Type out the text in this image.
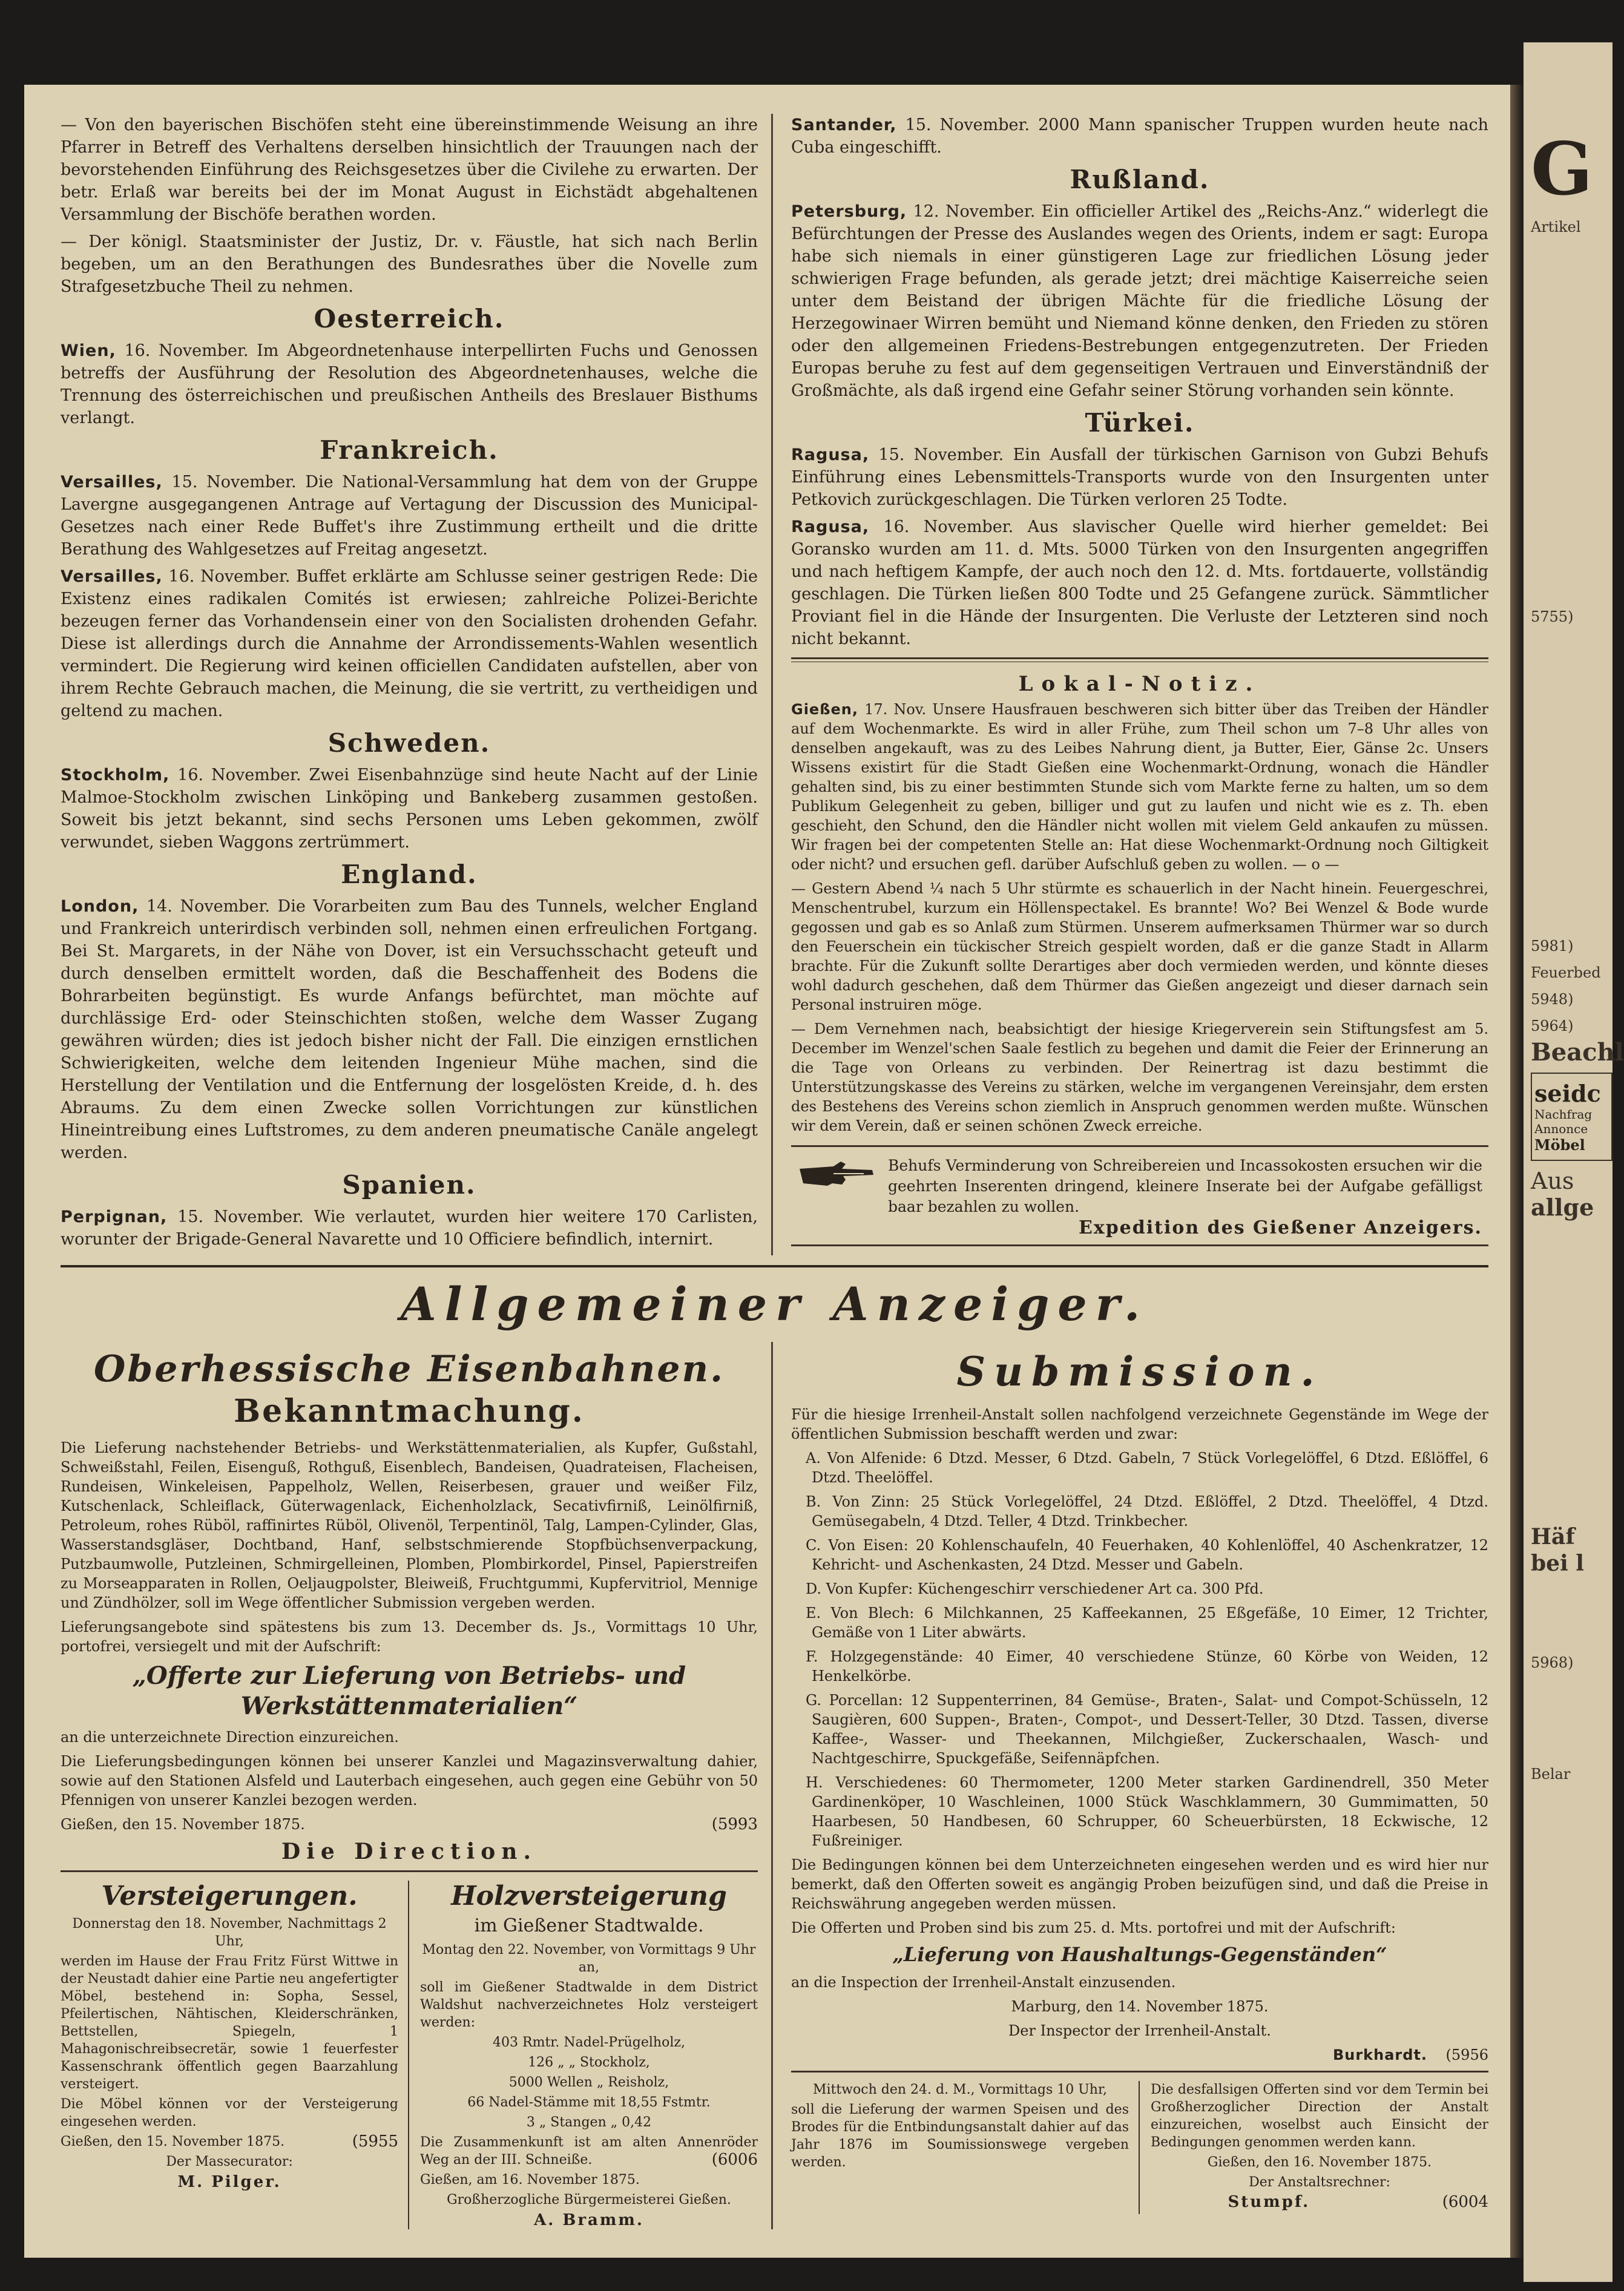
— Von den bayerischen Bischöfen steht eine übereinstimmende Weisung an ihre Pfarrer in Betreff des Verhaltens derselben hinsichtlich der Trauungen nach der bevorstehenden Einführung des Reichsgesetzes über die Civilehe zu erwarten. Der betr. Erlaß war bereits bei der im Monat August in Eichstädt abgehaltenen Versammlung der Bischöfe berathen worden.

— Der königl. Staatsminister der Justiz, Dr. v. Fäustle, hat sich nach Berlin begeben, um an den Berathungen des Bundesrathes über die Novelle zum Strafgesetzbuche Theil zu nehmen.

Oesterreich.

Wien, 16. November. Im Abgeordnetenhause interpellirten Fuchs und Genossen betreffs der Ausführung der Resolution des Abgeordnetenhauses, welche die Trennung des österreichischen und preußischen Antheils des Breslauer Bisthums verlangt.

Frankreich.

Versailles, 15. November. Die National-Versammlung hat dem von der Gruppe Lavergne ausgegangenen Antrage auf Vertagung der Discussion des Municipal-Gesetzes nach einer Rede Buffet's ihre Zustimmung ertheilt und die dritte Berathung des Wahlgesetzes auf Freitag angesetzt.

Versailles, 16. November. Buffet erklärte am Schlusse seiner gestrigen Rede: Die Existenz eines radikalen Comités ist erwiesen; zahlreiche Polizei-Berichte bezeugen ferner das Vorhandensein einer von den Socialisten drohenden Gefahr. Diese ist allerdings durch die Annahme der Arrondissements-Wahlen wesentlich vermindert. Die Regierung wird keinen officiellen Candidaten aufstellen, aber von ihrem Rechte Gebrauch machen, die Meinung, die sie vertritt, zu vertheidigen und geltend zu machen.

Schweden.

Stockholm, 16. November. Zwei Eisenbahnzüge sind heute Nacht auf der Linie Malmoe-Stockholm zwischen Linköping und Bankeberg zusammen gestoßen. Soweit bis jetzt bekannt, sind sechs Personen ums Leben gekommen, zwölf verwundet, sieben Waggons zertrümmert.

England.

London, 14. November. Die Vorarbeiten zum Bau des Tunnels, welcher England und Frankreich unterirdisch verbinden soll, nehmen einen erfreulichen Fortgang. Bei St. Margarets, in der Nähe von Dover, ist ein Versuchsschacht geteuft und durch denselben ermittelt worden, daß die Beschaffenheit des Bodens die Bohrarbeiten begünstigt. Es wurde Anfangs befürchtet, man möchte auf durchlässige Erd- oder Steinschichten stoßen, welche dem Wasser Zugang gewähren würden; dies ist jedoch bisher nicht der Fall. Die einzigen ernstlichen Schwierigkeiten, welche dem leitenden Ingenieur Mühe machen, sind die Herstellung der Ventilation und die Entfernung der losgelösten Kreide, d. h. des Abraums. Zu dem einen Zwecke sollen Vorrichtungen zur künstlichen Hineintreibung eines Luftstromes, zu dem anderen pneumatische Canäle angelegt werden.

Spanien.

Perpignan, 15. November. Wie verlautet, wurden hier weitere 170 Carlisten, worunter der Brigade-General Navarette und 10 Officiere befindlich, internirt.

Santander, 15. November. 2000 Mann spanischer Truppen wurden heute nach Cuba eingeschifft.

Rußland.

Petersburg, 12. November. Ein officieller Artikel des „Reichs-Anz.“ widerlegt die Befürchtungen der Presse des Auslandes wegen des Orients, indem er sagt: Europa habe sich niemals in einer günstigeren Lage zur friedlichen Lösung jeder schwierigen Frage befunden, als gerade jetzt; drei mächtige Kaiserreiche seien unter dem Beistand der übrigen Mächte für die friedliche Lösung der Herzegowinaer Wirren bemüht und Niemand könne denken, den Frieden zu stören oder den allgemeinen Friedens-Bestrebungen entgegenzutreten. Der Frieden Europas beruhe zu fest auf dem gegenseitigen Vertrauen und Einverständniß der Großmächte, als daß irgend eine Gefahr seiner Störung vorhanden sein könnte.

Türkei.

Ragusa, 15. November. Ein Ausfall der türkischen Garnison von Gubzi Behufs Einführung eines Lebensmittels-Transports wurde von den Insurgenten unter Petkovich zurückgeschlagen. Die Türken verloren 25 Todte.

Ragusa, 16. November. Aus slavischer Quelle wird hierher gemeldet: Bei Goransko wurden am 11. d. Mts. 5000 Türken von den Insurgenten angegriffen und nach heftigem Kampfe, der auch noch den 12. d. Mts. fortdauerte, vollständig geschlagen. Die Türken ließen 800 Todte und 25 Gefangene zurück. Sämmtlicher Proviant fiel in die Hände der Insurgenten. Die Verluste der Letzteren sind noch nicht bekannt.

Lokal-Notiz.

Gießen, 17. Nov. Unsere Hausfrauen beschweren sich bitter über das Treiben der Händler auf dem Wochenmarkte. Es wird in aller Frühe, zum Theil schon um 7–8 Uhr alles von denselben angekauft, was zu des Leibes Nahrung dient, ja Butter, Eier, Gänse 2c. Unsers Wissens existirt für die Stadt Gießen eine Wochenmarkt-Ordnung, wonach die Händler gehalten sind, bis zu einer bestimmten Stunde sich vom Markte ferne zu halten, um so dem Publikum Gelegenheit zu geben, billiger und gut zu laufen und nicht wie es z. Th. eben geschieht, den Schund, den die Händler nicht wollen mit vielem Geld ankaufen zu müssen. Wir fragen bei der competenten Stelle an: Hat diese Wochenmarkt-Ordnung noch Giltigkeit oder nicht? und ersuchen gefl. darüber Aufschluß geben zu wollen. — o —

— Gestern Abend ¼ nach 5 Uhr stürmte es schauerlich in der Nacht hinein. Feuergeschrei, Menschentrubel, kurzum ein Höllenspectakel. Es brannte! Wo? Bei Wenzel & Bode wurde gegossen und gab es so Anlaß zum Stürmen. Unserem aufmerksamen Thürmer war so durch den Feuerschein ein tückischer Streich gespielt worden, daß er die ganze Stadt in Allarm brachte. Für die Zukunft sollte Derartiges aber doch vermieden werden, und könnte dieses wohl dadurch geschehen, daß dem Thürmer das Gießen angezeigt und dieser darnach sein Personal instruiren möge.

— Dem Vernehmen nach, beabsichtigt der hiesige Kriegerverein sein Stiftungsfest am 5. December im Wenzel'schen Saale festlich zu begehen und damit die Feier der Erinnerung an die Tage von Orleans zu verbinden. Der Reinertrag ist dazu bestimmt die Unterstützungskasse des Vereins zu stärken, welche im vergangenen Vereinsjahr, dem ersten des Bestehens des Vereins schon ziemlich in Anspruch genommen werden mußte. Wünschen wir dem Verein, daß er seinen schönen Zweck erreiche.

Behufs Verminderung von Schreibereien und Incassokosten ersuchen wir die geehrten Inserenten dringend, kleinere Inserate bei der Aufgabe gefälligst baar bezahlen zu wollen.

Expedition des Gießener Anzeigers.
Allgemeiner Anzeiger.
Oberhessische Eisenbahnen.
Bekanntmachung.

Die Lieferung nachstehender Betriebs- und Werkstättenmaterialien, als Kupfer, Gußstahl, Schweißstahl, Feilen, Eisenguß, Rothguß, Eisenblech, Bandeisen, Quadrateisen, Flacheisen, Rundeisen, Winkeleisen, Pappelholz, Wellen, Reiserbesen, grauer und weißer Filz, Kutschenlack, Schleiflack, Güterwagenlack, Eichenholzlack, Secativfirniß, Leinölfirniß, Petroleum, rohes Rüböl, raffinirtes Rüböl, Olivenöl, Terpentinöl, Talg, Lampen-Cylinder, Glas, Wasserstandsgläser, Dochtband, Hanf, selbstschmierende Stopfbüchsenverpackung, Putzbaumwolle, Putzleinen, Schmirgelleinen, Plomben, Plombirkordel, Pinsel, Papierstreifen zu Morseapparaten in Rollen, Oeljaugpolster, Bleiweiß, Fruchtgummi, Kupfervitriol, Mennige und Zündhölzer, soll im Wege öffentlicher Submission vergeben werden.

Lieferungsangebote sind spätestens bis zum 13. December ds. Js., Vormittags 10 Uhr, portofrei, versiegelt und mit der Aufschrift:

„Offerte zur Lieferung von Betriebs- und Werkstättenmaterialien“

an die unterzeichnete Direction einzureichen.

Die Lieferungsbedingungen können bei unserer Kanzlei und Magazinsverwaltung dahier, sowie auf den Stationen Alsfeld und Lauterbach eingesehen, auch gegen eine Gebühr von 50 Pfennigen von unserer Kanzlei bezogen werden.

Gießen, den 15. November 1875.	(5993

Die Direction.
Versteigerungen.

Donnerstag den 18. November, Nachmittags 2 Uhr,

werden im Hause der Frau Fritz Fürst Wittwe in der Neustadt dahier eine Partie neu angefertigter Möbel, bestehend in: Sopha, Sessel, Pfeilertischen, Nähtischen, Kleiderschränken, Bettstellen, Spiegeln, 1 Mahagonischreibsecretär, sowie 1 feuerfester Kassenschrank öffentlich gegen Baarzahlung versteigert.

Die Möbel können vor der Versteigerung eingesehen werden.

Gießen, den 15. November 1875.	(5955

Der Massecurator:

M. Pilger.
Holzversteigerung
im Gießener Stadtwalde.

Montag den 22. November, von Vormittags 9 Uhr an,

soll im Gießener Stadtwalde in dem District Waldshut nachverzeichnetes Holz versteigert werden:

403 Rmtr. Nadel-Prügelholz,

126 „ „ Stockholz,

5000 Wellen „ Reisholz,

66 Nadel-Stämme mit 18,55 Fstmtr.

3 „ Stangen „ 0,42

Die Zusammenkunft ist am alten Annenröder Weg an der III. Schneiße.	(6006

Gießen, am 16. November 1875.

Großherzogliche Bürgermeisterei Gießen.

A. Bramm.
Submission.

Für die hiesige Irrenheil-Anstalt sollen nachfolgend verzeichnete Gegenstände im Wege der öffentlichen Submission beschafft werden und zwar:

A. Von Alfenide: 6 Dtzd. Messer, 6 Dtzd. Gabeln, 7 Stück Vorlegelöffel, 6 Dtzd. Eßlöffel, 6 Dtzd. Theelöffel.

B. Von Zinn: 25 Stück Vorlegelöffel, 24 Dtzd. Eßlöffel, 2 Dtzd. Theelöffel, 4 Dtzd. Gemüsegabeln, 4 Dtzd. Teller, 4 Dtzd. Trinkbecher.

C. Von Eisen: 20 Kohlenschaufeln, 40 Feuerhaken, 40 Kohlenlöffel, 40 Aschenkratzer, 12 Kehricht- und Aschenkasten, 24 Dtzd. Messer und Gabeln.

D. Von Kupfer: Küchengeschirr verschiedener Art ca. 300 Pfd.

E. Von Blech: 6 Milchkannen, 25 Kaffeekannen, 25 Eßgefäße, 10 Eimer, 12 Trichter, Gemäße von 1 Liter abwärts.

F. Holzgegenstände: 40 Eimer, 40 verschiedene Stünze, 60 Körbe von Weiden, 12 Henkelkörbe.

G. Porcellan: 12 Suppenterrinen, 84 Gemüse-, Braten-, Salat- und Compot-Schüsseln, 12 Saugièren, 600 Suppen-, Braten-, Compot-, und Dessert-Teller, 30 Dtzd. Tassen, diverse Kaffee-, Wasser- und Theekannen, Milchgießer, Zuckerschaalen, Wasch- und Nachtgeschirre, Spuckgefäße, Seifennäpfchen.

H. Verschiedenes: 60 Thermometer, 1200 Meter starken Gardinendrell, 350 Meter Gardinenköper, 10 Waschleinen, 1000 Stück Waschklammern, 30 Gummimatten, 50 Haarbesen, 50 Handbesen, 60 Schrupper, 60 Scheuerbürsten, 18 Eckwische, 12 Fußreiniger.

Die Bedingungen können bei dem Unterzeichneten eingesehen werden und es wird hier nur bemerkt, daß den Offerten soweit es angängig Proben beizufügen sind, und daß die Preise in Reichswährung angegeben werden müssen.

Die Offerten und Proben sind bis zum 25. d. Mts. portofrei und mit der Aufschrift:

„Lieferung von Haushaltungs-Gegenständen“

an die Inspection der Irrenheil-Anstalt einzusenden.

Marburg, den 14. November 1875.

Der Inspector der Irrenheil-Anstalt.

Burkhardt. (5956

Mittwoch den 24. d. M., Vormittags 10 Uhr,

soll die Lieferung der warmen Speisen und des Brodes für die Entbindungsanstalt dahier auf das Jahr 1876 im Soumissionswege vergeben werden.

Die desfallsigen Offerten sind vor dem Termin bei Großherzoglicher Direction der Anstalt einzureichen, woselbst auch Einsicht der Bedingungen genommen werden kann.

Gießen, den 16. November 1875.

Der Anstaltsrechner:

Stumpf.	(6004

G
Artikel
5755)
5981)
Feuerbed
5948)
5964)
Beachl
seidc
Nachfrag
Annonce
Möbel
Aus
allge
Häf
bei l
5968)
Belar
